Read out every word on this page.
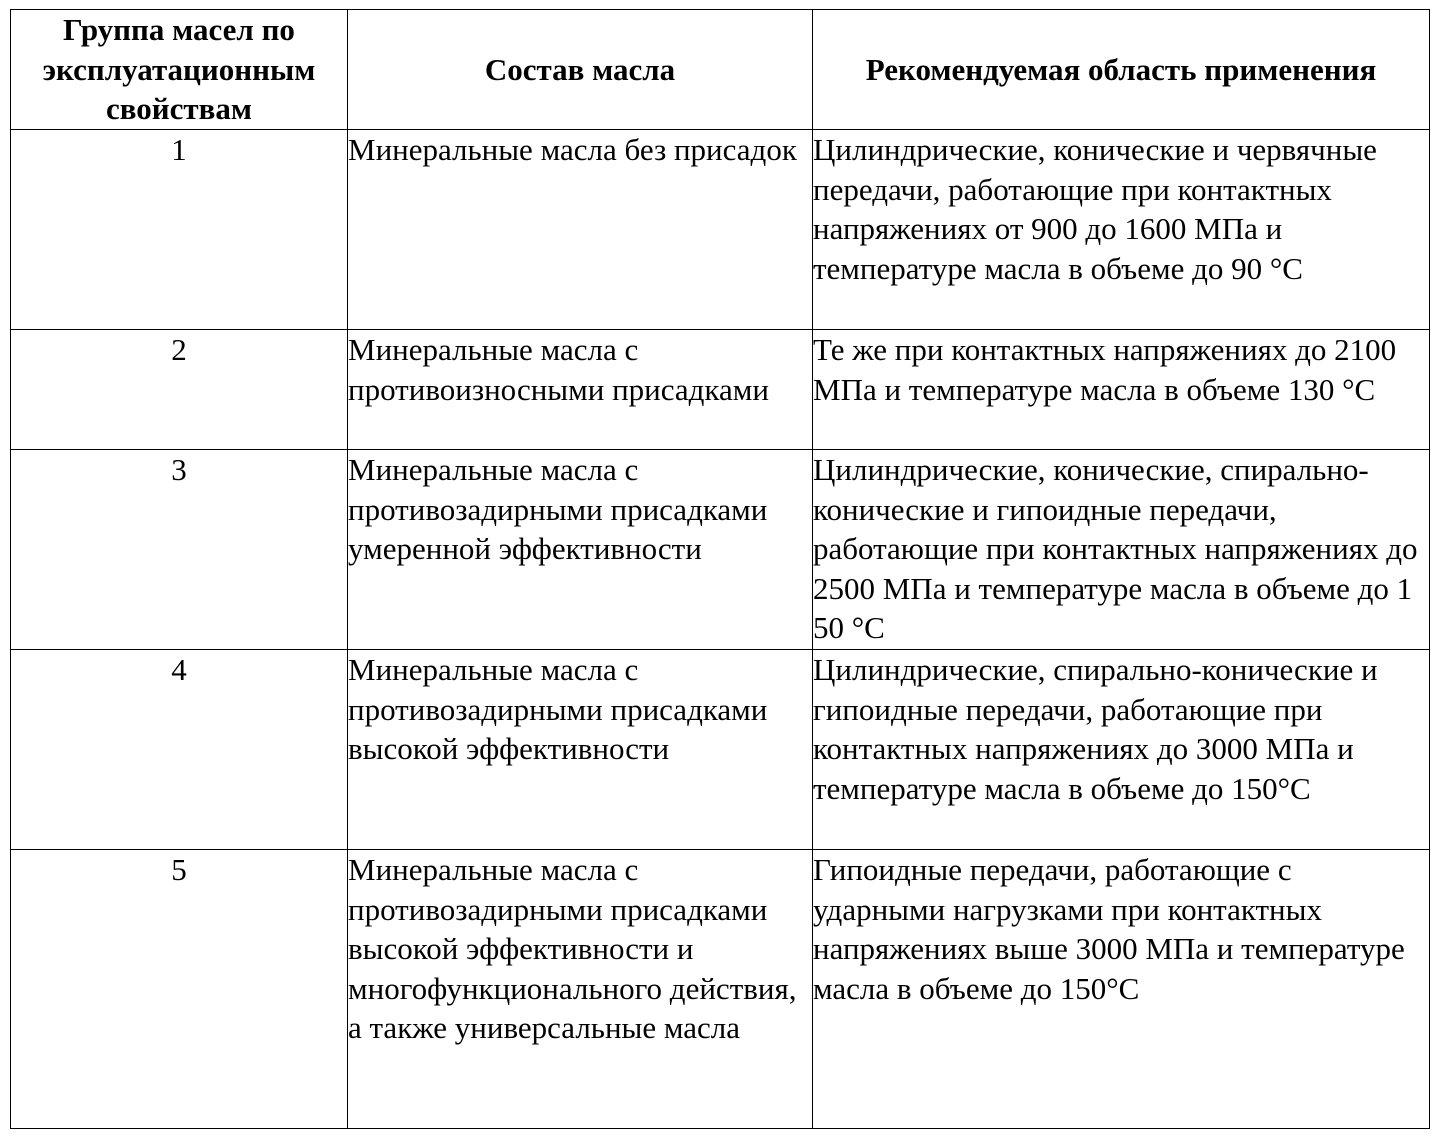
Группа масел по эксплуатационным свойствам	Состав масла	Рекомендуемая область применения
1	Минеральные масла без присадок	Цилиндрические, конические и червячные передачи, работающие при контактных напряжениях от 900 до 1600 МПа и температуре масла в объеме до 90 °С
2	Минеральные масла с противоизносными присадками	Те же при контактных напряжениях до 2100 МПа и температуре масла в объеме 130 °С
3	Минеральные масла с противозадирными присадками умеренной эффективности	Цилиндрические, конические, спирально-конические и гипоидные передачи, работающие при контактных напряжениях до 2500 МПа и температуре масла в объеме до 1 50 °С
4	Минеральные масла с противозадирными присадками высокой эффективности	Цилиндрические, спирально-конические и гипоидные передачи, работающие при контактных напряжениях до 3000 МПа и температуре масла в объеме до 150°С
5	Минеральные масла с противозадирными присадками высокой эффективности и многофункционального действия, а также универсальные масла	Гипоидные передачи, работающие с ударными нагрузками при контактных напряжениях выше 3000 МПа и температуре масла в объеме до 150°С
